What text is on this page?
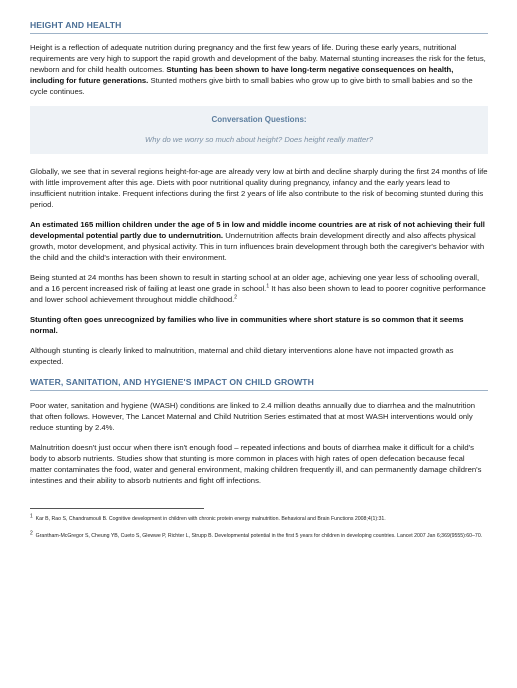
HEIGHT AND HEALTH

Height is a reflection of adequate nutrition during pregnancy and the first few years of life. During these early years, nutritional requirements are very high to support the rapid growth and development of the baby. Maternal stunting increases the risk for the fetus, newborn and for child health outcomes. Stunting has been shown to have long-term negative consequences on health, including for future generations. Stunted mothers give birth to small babies who grow up to give birth to small babies and so the cycle continues.

Conversation Questions:
Why do we worry so much about height? Does height really matter?

Globally, we see that in several regions height-for-age are already very low at birth and decline sharply during the first 24 months of life with little improvement after this age. Diets with poor nutritional quality during pregnancy, infancy and the early years lead to insufficient nutrition intake. Frequent infections during the first 2 years of life also contribute to the risk of becoming stunted during this period.

An estimated 165 million children under the age of 5 in low and middle income countries are at risk of not achieving their full developmental potential partly due to undernutrition. Undernutrition affects brain development directly and also affects physical growth, motor development, and physical activity. This in turn influences brain development through both the caregiver's behavior with the child and the child's interaction with their environment.

Being stunted at 24 months has been shown to result in starting school at an older age, achieving one year less of schooling overall, and a 16 percent increased risk of failing at least one grade in school.$^1$ It has also been shown to lead to poorer cognitive performance and lower school achievement throughout middle childhood.$^2$

Stunting often goes unrecognized by families who live in communities where short stature is so common that it seems normal.

Although stunting is clearly linked to malnutrition, maternal and child dietary interventions alone have not impacted growth as expected.

WATER, SANITATION, AND HYGIENE'S IMPACT ON CHILD GROWTH

Poor water, sanitation and hygiene (WASH) conditions are linked to 2.4 million deaths annually due to diarrhea and the malnutrition that often follows. However, The Lancet Maternal and Child Nutrition Series estimated that at most WASH interventions would only reduce stunting by 2.4%.

Malnutrition doesn't just occur when there isn't enough food – repeated infections and bouts of diarrhea make it difficult for a child's body to absorb nutrients. Studies show that stunting is more common in places with high rates of open defecation because fecal matter contaminates the food, water and general environment, making children frequently ill, and can permanently damage children's intestines and their ability to absorb nutrients and fight off infections.

$^1$ Kar B, Rao S, Chandramouli B. Cognitive development in children with chronic protein energy malnutrition. Behavioral and Brain Functions 2008;4(1):31.

$^2$ Grantham-McGregor S, Cheung YB, Cueto S, Glewwe P, Richter L, Strupp B. Developmental potential in the first 5 years for children in developing countries. Lancet 2007 Jan 6;369(9555):60–70.
